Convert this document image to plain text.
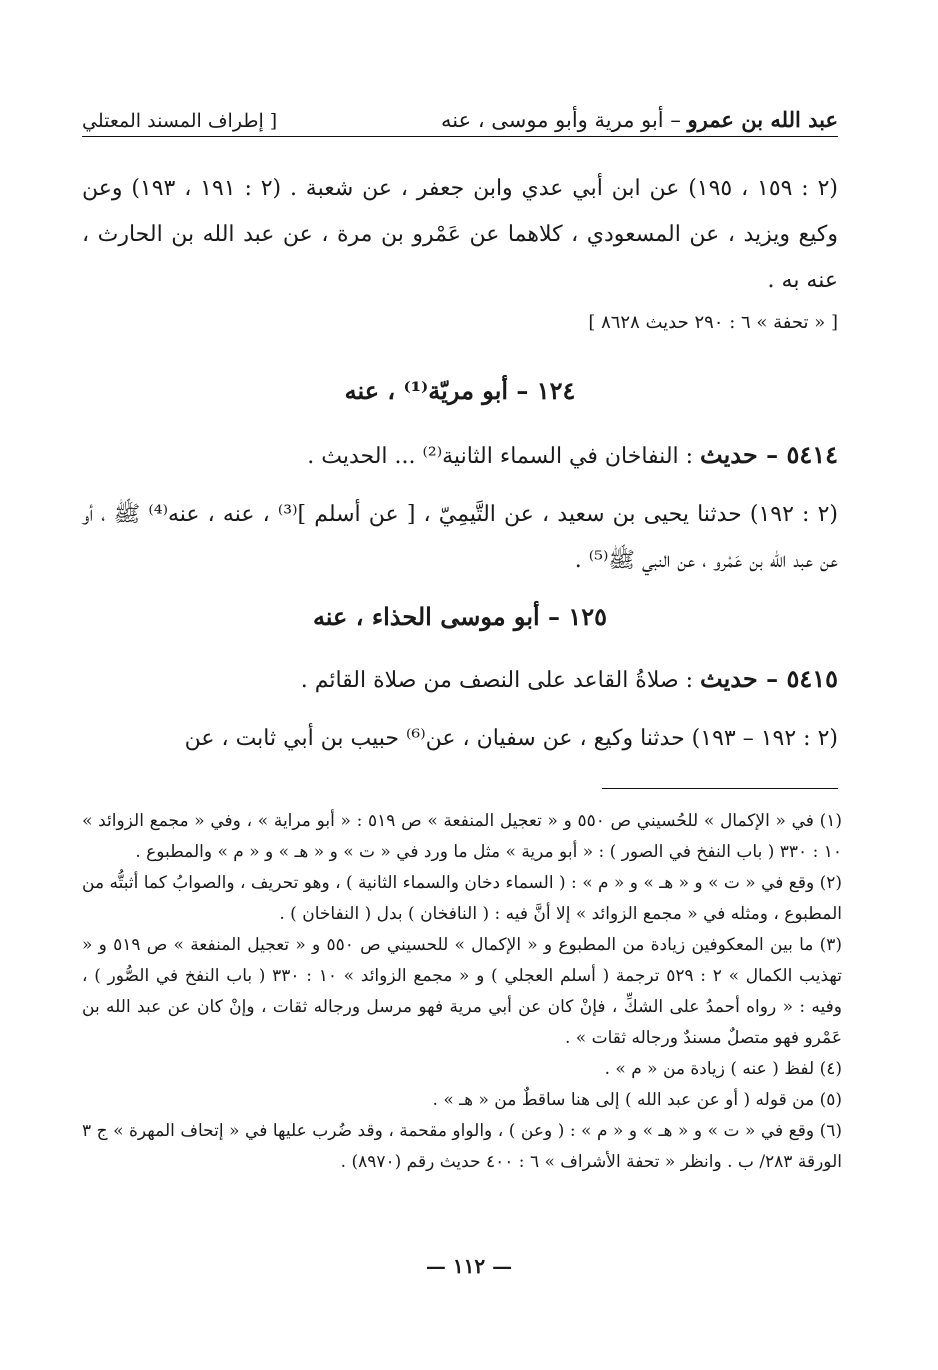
عبد الله بن عمرو – أبو مرية وأبو موسى ، عنه
[ إطراف المسند المعتلي
(٢ : ١٥٩ ، ١٩٥) عن ابن أبي عدي وابن جعفر ، عن شعبة . (٢ : ١٩١ ، ١٩٣) وعن وكيع ويزيد ، عن المسعودي ، كلاهما عن عَمْرو بن مرة ، عن عبد الله بن الحارث ، عنه به .
[ « تحفة » ٦ : ٢٩٠ حديث ٨٦٢٨ ]
١٢٤ – أبو مريّة⁽¹⁾ ، عنه
٥٤١٤ – حديث : النفاخان في السماء الثانية⁽²⁾ ... الحديث .
(٢ : ١٩٢) حدثنا يحيى بن سعيد ، عن التَّيمِيّ ، [ عن أسلم ]⁽³⁾ ، عنه ، عنه⁽⁴⁾ ﷺ ، أو عن عبد الله بن عَمْرو ، عن النبي ﷺ⁽⁵⁾ .
١٢٥ – أبو موسى الحذاء ، عنه
٥٤١٥ – حديث : صلاةُ القاعد على النصف من صلاة القائم .
(٢ : ١٩٢ – ١٩٣) حدثنا وكيع ، عن سفيان ، عن⁽⁶⁾ حبيب بن أبي ثابت ، عن

(١) في « الإكمال » للحُسيني ص ٥٥٠ و « تعجيل المنفعة » ص ٥١٩ : « أبو مراية » ، وفي « مجمع الزوائد » ١٠ : ٣٣٠ ( باب النفخ في الصور ) : « أبو مرية » مثل ما ورد في « ت » و « هـ » و « م » والمطبوع .

(٢) وقع في « ت » و « هـ » و « م » : ( السماء دخان والسماء الثانية ) ، وهو تحريف ، والصوابُ كما أثبتُّه من المطبوع ، ومثله في « مجمع الزوائد » إلا أنَّ فيه : ( النافخان ) بدل ( النفاخان ) .

(٣) ما بين المعكوفين زيادة من المطبوع و « الإكمال » للحسيني ص ٥٥٠ و « تعجيل المنفعة » ص ٥١٩ و « تهذيب الكمال » ٢ : ٥٢٩ ترجمة ( أسلم العجلي ) و « مجمع الزوائد » ١٠ : ٣٣٠ ( باب النفخ في الصُّور ) ، وفيه : « رواه أحمدُ على الشكِّ ، فإنْ كان عن أبي مرية فهو مرسل ورجاله ثقات ، وإنْ كان عن عبد الله بن عَمْرو فهو متصلٌ مسندٌ ورجاله ثقات » .

(٤) لفظ ( عنه ) زيادة من « م » .

(٥) من قوله ( أو عن عبد الله ) إلى هنا ساقطٌ من « هـ » .

(٦) وقع في « ت » و « هـ » و « م » : ( وعن ) ، والواو مقحمة ، وقد ضُرب عليها في « إتحاف المهرة » ج ٣ الورقة ٢٨٣/ ب . وانظر « تحفة الأشراف » ٦ : ٤٠٠ حديث رقم (٨٩٧٠) .

— ١١٢ —
